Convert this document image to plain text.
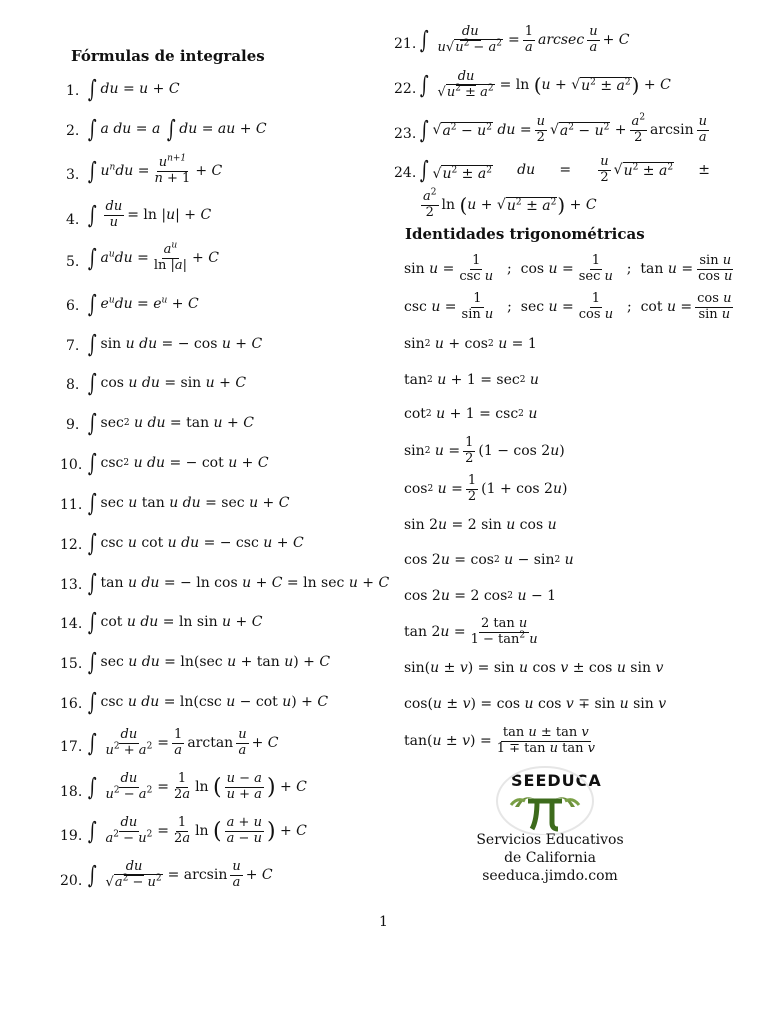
Fórmulas de integrales
1. ∫ du = u + C
2. ∫ a du = a
∫ du = au + C
3. ∫ $u^ndu = \frac{u^{n+1}}{n + 1} + C$
4. ∫ $\frac{du}{u} = \ln$ | u | + C
5. ∫ $a^udu = \frac{a^u}{\ln |a|} + C$
6. ∫ $e^udu = e^u + C$
7. ∫ sin u du = − cos u + C
8. ∫ cos u du = sin u + C
9. ∫ sec 2
u du = tan u + C
10. ∫ csc 2
u du = − cot u + C
11. ∫ sec u tan u du = sec u + C
12. ∫ csc u cot u du = − csc u + C
13. ∫ tan u du = − ln cos u + C = ln sec u + C
14. ∫ cot u du = ln sin u + C
15. ∫ sec u du = ln(sec u + tan u ) + C
16. ∫ csc u du = ln(csc u − cot u ) + C
17. ∫ $\frac{du}{u^2 + a^2} = \frac{1}{a}$ $\arctan \frac{u}{a} + C$
18. ∫ $\frac{du}{u^2 - a^2} = \frac{1}{2a}$ ln ( $\frac{u - a}{u + a}$ ) + C
19. ∫ $\frac{du}{a^2 - u^2} = \frac{1}{2a}$ ln ( $\frac{a + u}{a - u}$ ) + C
20. ∫ $\frac{du}{√a^2 - u^2} = \arcsin \frac{u}{a} + C$
21. ∫ $\frac{du}{u√u^2 - a^2} = \frac{1}{a}$ arcsec $\frac{u}{a} + C$
22. ∫ $\frac{du}{√u^2 \pm a^2} = \ln$ ( u + √ $u^2 \pm a^2$ ) + C
23. ∫ √ $a^2 - u^2$
du = $\frac{u}{2}$ √ $a^2 - u^2 + \frac{a^2}{2}$ $\arcsin \frac{u}{a}$
24. ∫ $√u^2 \pm a^2$ du = $\frac{u}{2}$ √ $u^2 \pm a^2$ ±
$\frac{a^2}{2}$ ln ( u + √ $u^2 \pm a^2$ ) + C
Identidades trigonométricas
$\sin u = \frac{1}{\text{csc u}}$ ;  $\cos u = \frac{1}{\text{sec u}}$ ;  $\tan u = \frac{\text{sin u}}{\text{cos u}}$
$\csc u = \frac{1}{\text{sin u}}$ ;  $\sec u = \frac{1}{\text{cos u}}$ ;  $\cot u = \frac{\text{cos u}}{\text{sin u}}$
sin 2
u + cos 2
u = 1
tan 2
u + 1 = sec 2
u
cot 2
u + 1 = csc 2
u
sin 2
$u = \frac{1}{2} (1 - \cos 2$ u )
cos 2
$u = \frac{1}{2} (1 + \cos 2$ u )
sin 2 u = 2 sin u cos u
cos 2 u = cos 2
u − sin 2
u
cos 2 u = 2 cos 2
u − 1
tan 2 $u = \frac{\text{2 tan u}}{1 - \tan^2 u}$
sin( u ± v ) = sin u cos v ± cos u sin v
cos( u ± v ) = cos u cos v ∓ sin u sin v
tan( u ± v ) = $\frac{\text{tan u ± tan v}}{\text{1 ∓ tan u tan v}}$
SEEDUCA
Servicios Educativos
de California
seeduca.jimdo.com
1
